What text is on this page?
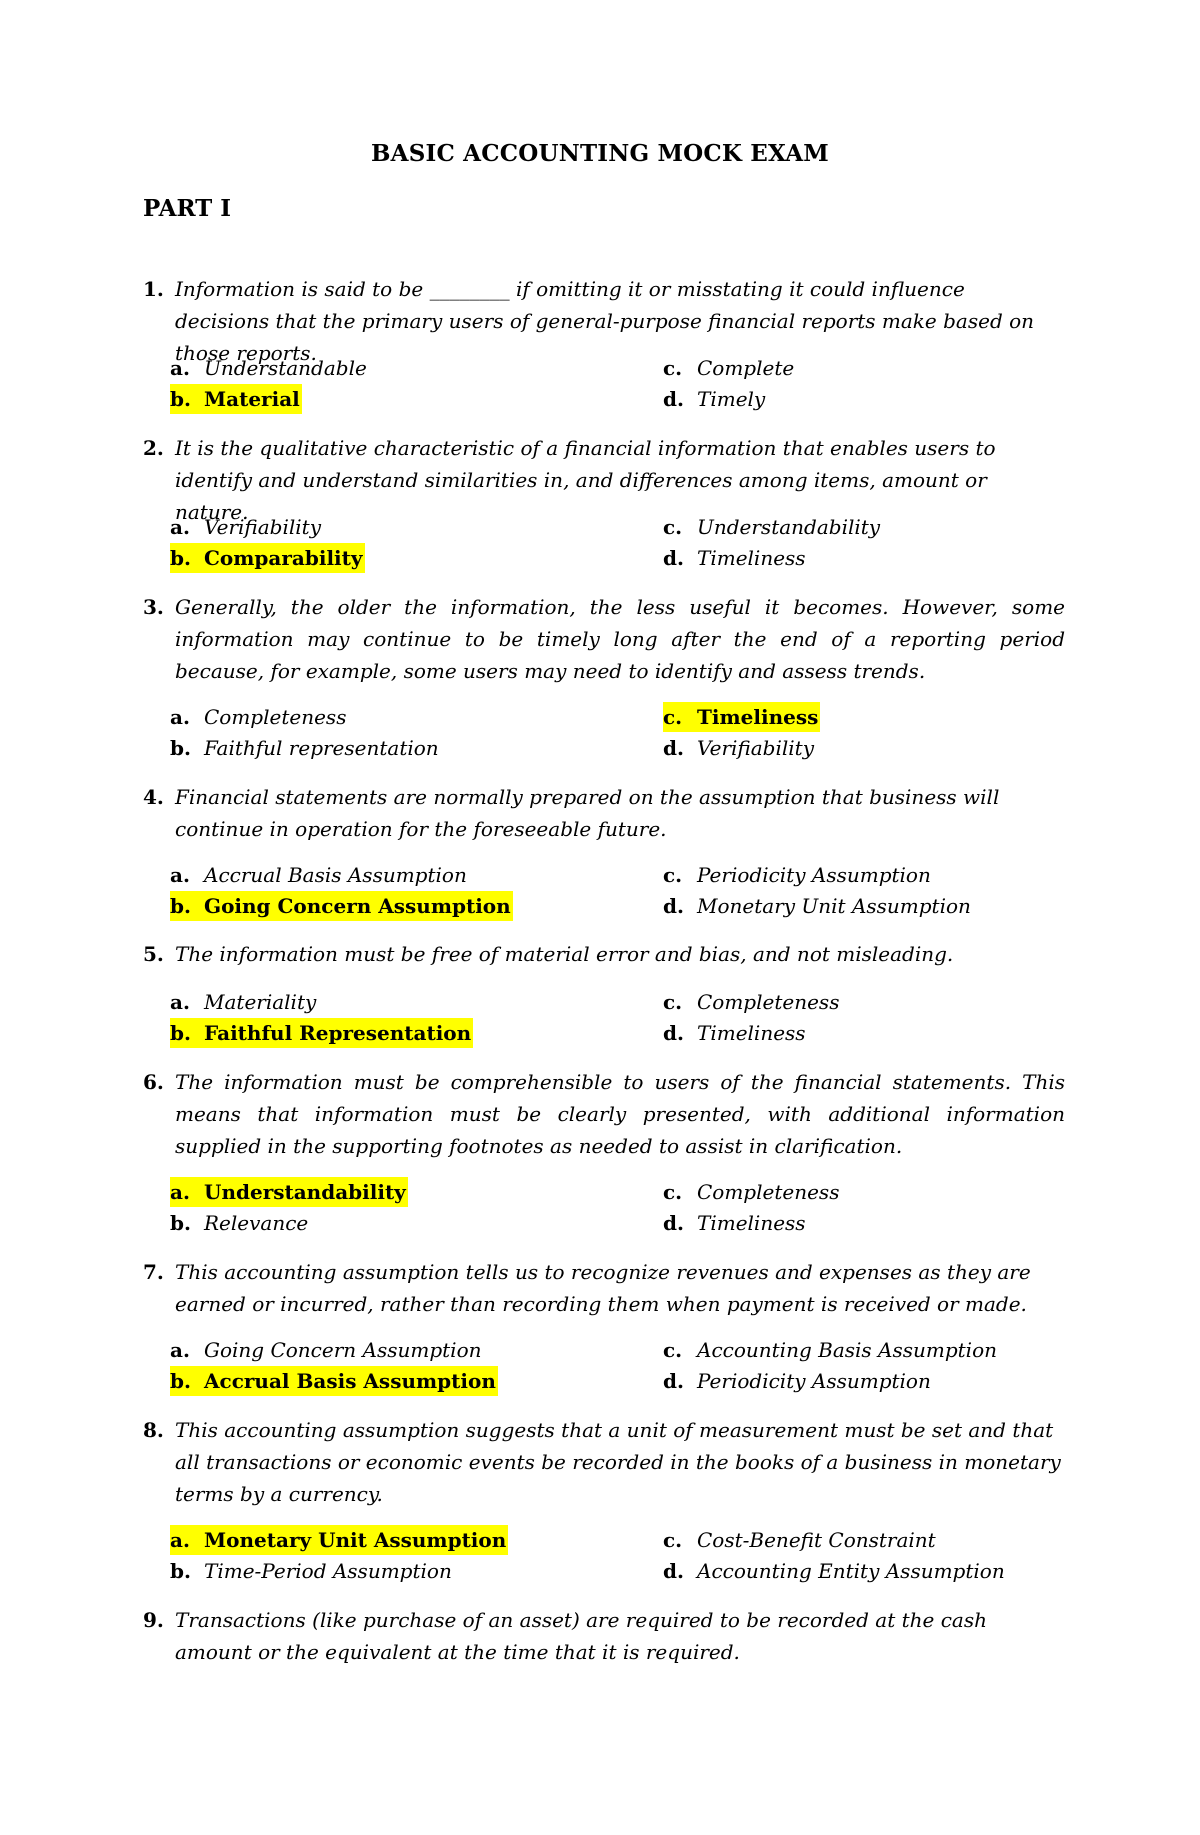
BASIC ACCOUNTING MOCK EXAM
PART I
1. Information is said to be ________ if omitting it or misstating it could influence decisions that the primary users of general-purpose financial reports make based on those reports.
a. Understandable
b. Material
c. Complete
d. Timely
2. It is the qualitative characteristic of a financial information that enables users to identify and understand similarities in, and differences among items, amount or nature.
a. Verifiability
b. Comparability
c. Understandability
d. Timeliness
3. Generally, the older the information, the less useful it becomes. However, some information may continue to be timely long after the end of a reporting period because, for example, some users may need to identify and assess trends.
a. Completeness
b. Faithful representation
c. Timeliness
d. Verifiability
4. Financial statements are normally prepared on the assumption that business will continue in operation for the foreseeable future.
a. Accrual Basis Assumption
b. Going Concern Assumption
c. Periodicity Assumption
d. Monetary Unit Assumption
5. The information must be free of material error and bias, and not misleading.
a. Materiality
b. Faithful Representation
c. Completeness
d. Timeliness
6. The information must be comprehensible to users of the financial statements. This means that information must be clearly presented, with additional information supplied in the supporting footnotes as needed to assist in clarification.
a. Understandability
b. Relevance
c. Completeness
d. Timeliness
7. This accounting assumption tells us to recognize revenues and expenses as they are earned or incurred, rather than recording them when payment is received or made.
a. Going Concern Assumption
b. Accrual Basis Assumption
c. Accounting Basis Assumption
d. Periodicity Assumption
8. This accounting assumption suggests that a unit of measurement must be set and that all transactions or economic events be recorded in the books of a business in monetary terms by a currency.
a. Monetary Unit Assumption
b. Time-Period Assumption
c. Cost-Benefit Constraint
d. Accounting Entity Assumption
9. Transactions (like purchase of an asset) are required to be recorded at the cash amount or the equivalent at the time that it is required.
